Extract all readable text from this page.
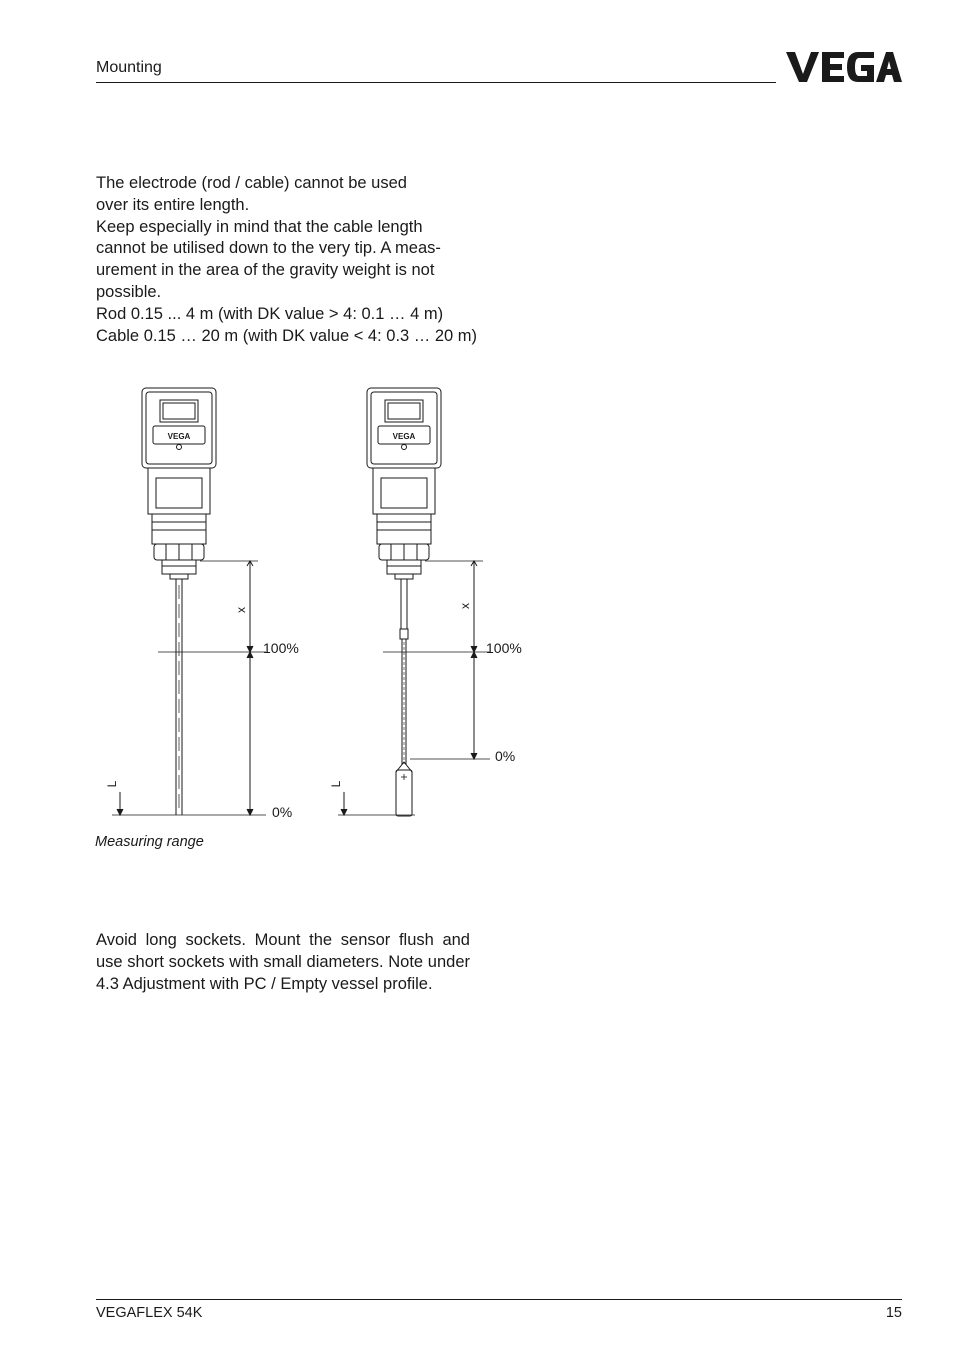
Mounting

The electrode (rod / cable) cannot be used

over its entire length.

Keep especially in mind that the cable length

cannot be utilised down to the very tip. A meas-

urement in the area of the gravity weight is not

possible.

Rod 0.15 ... 4 m (with DK value > 4: 0.1 … 4 m)

Cable 0.15 … 20 m (with DK value < 4: 0.3 … 20 m)

VEGA	VEGA
x
100%
0%
L
x
100%
0%
L
Measuring range

Avoid long sockets. Mount the sensor flush and use short sockets with small diameters. Note under 4.3 Adjustment with PC / Empty vessel profile.

VEGAFLEX 54K	15
